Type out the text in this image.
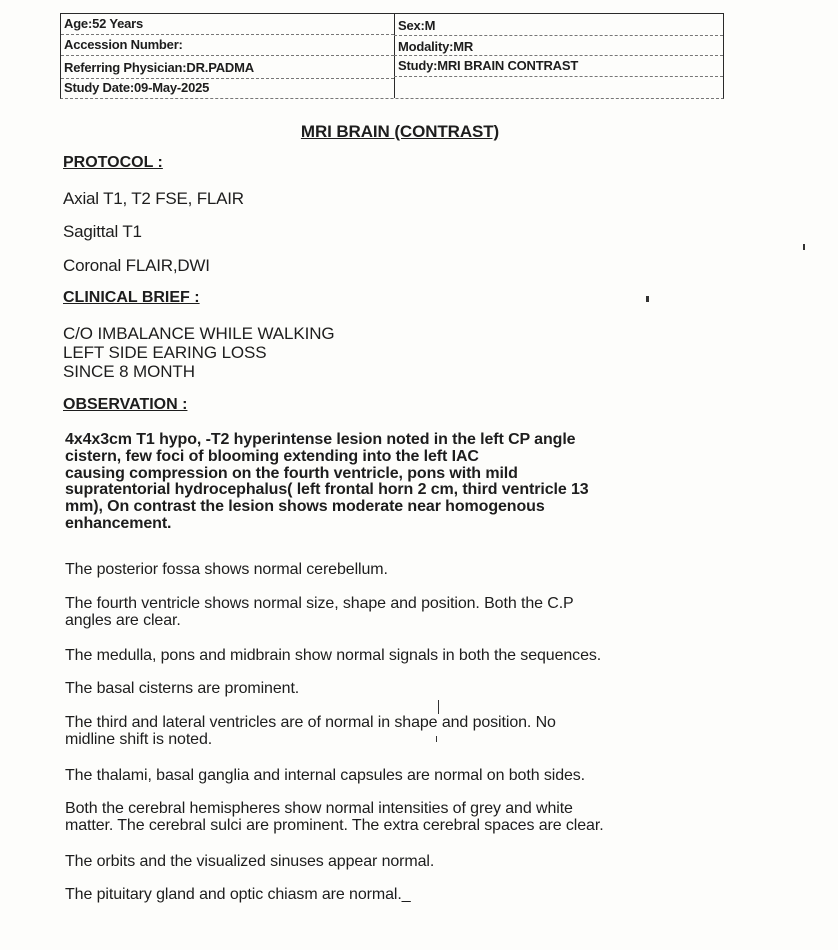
Age:52 Years	Sex:M
Accession Number:	Modality:MR
Referring Physician:DR.PADMA	Study:MRI BRAIN CONTRAST
Study Date:09-May-2025
MRI BRAIN (CONTRAST)
PROTOCOL :
Axial T1, T2 FSE, FLAIR
Sagittal T1
Coronal FLAIR,DWI
CLINICAL BRIEF :
C/O IMBALANCE WHILE WALKING
LEFT SIDE EARING LOSS
SINCE 8 MONTH
OBSERVATION :
4x4x3cm T1 hypo, -T2 hyperintense lesion noted in the left CP angle
cistern, few foci of blooming extending into the left IAC
causing compression on the fourth ventricle, pons with mild
supratentorial hydrocephalus( left frontal horn 2 cm, third ventricle 13
mm), On contrast the lesion shows moderate near homogenous
enhancement.
The posterior fossa shows normal cerebellum.
The fourth ventricle shows normal size, shape and position. Both the C.P
angles are clear.
The medulla, pons and midbrain show normal signals in both the sequences.
The basal cisterns are prominent.
The third and lateral ventricles are of normal in shape and position. No
midline shift is noted.
The thalami, basal ganglia and internal capsules are normal on both sides.
Both the cerebral hemispheres show normal intensities of grey and white
matter. The cerebral sulci are prominent. The extra cerebral spaces are clear.
The orbits and the visualized sinuses appear normal.
The pituitary gland and optic chiasm are normal._
